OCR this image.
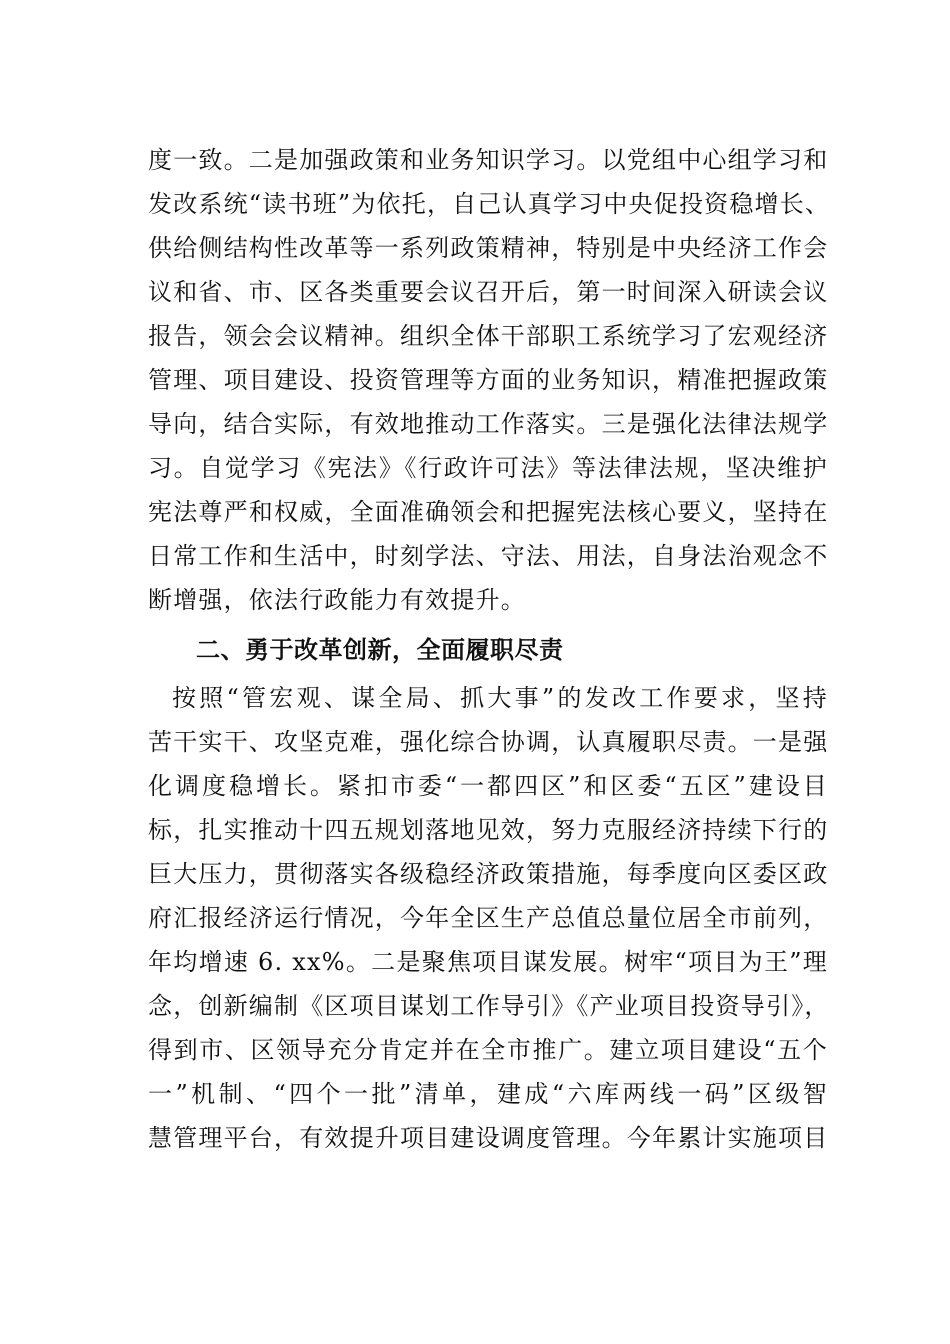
度一致。二是加强政策和业务知识学习。以党组中心组学习和
发改系统“读书班”为依托，自己认真学习中央促投资稳增长、
供给侧结构性改革等一系列政策精神，特别是中央经济工作会
议和省、市、区各类重要会议召开后，第一时间深入研读会议
报告，领会会议精神。组织全体干部职工系统学习了宏观经济
管理、项目建设、投资管理等方面的业务知识，精准把握政策
导向，结合实际，有效地推动工作落实。三是强化法律法规学
习。自觉学习《宪法》《行政许可法》等法律法规，坚决维护
宪法尊严和权威，全面准确领会和把握宪法核心要义，坚持在
日常工作和生活中，时刻学法、守法、用法，自身法治观念不
断增强，依法行政能力有效提升。
二、勇于改革创新，全面履职尽责
按照“管宏观、谋全局、抓大事”的发改工作要求，坚持
苦干实干、攻坚克难，强化综合协调，认真履职尽责。一是强
化调度稳增长。紧扣市委“一都四区”和区委“五区”建设目
标，扎实推动十四五规划落地见效，努力克服经济持续下行的
巨大压力，贯彻落实各级稳经济政策措施，每季度向区委区政
府汇报经济运行情况，今年全区生产总值总量位居全市前列，
年均增速 6. xx%。二是聚焦项目谋发展。树牢“项目为王”理
念，创新编制《区项目谋划工作导引》《产业项目投资导引》，
得到市、区领导充分肯定并在全市推广。建立项目建设“五个
一”机制、“四个一批”清单，建成“六库两线一码”区级智
慧管理平台，有效提升项目建设调度管理。今年累计实施项目
